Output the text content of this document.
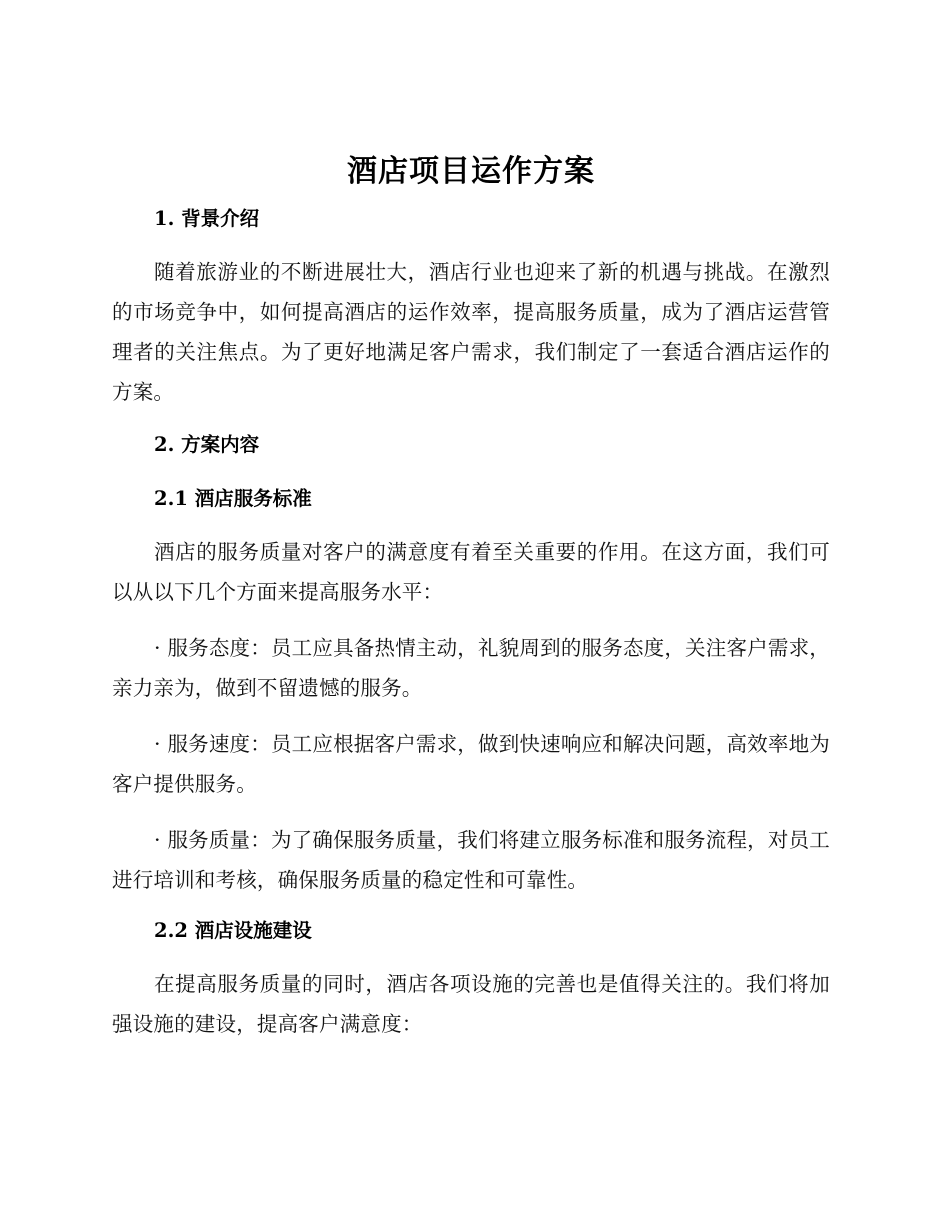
酒店项目运作方案
1. 背景介绍

随着旅游业的不断进展壮大，酒店行业也迎来了新的机遇与挑战。在激烈的市场竞争中，如何提高酒店的运作效率，提高服务质量，成为了酒店运营管理者的关注焦点。为了更好地满足客户需求，我们制定了一套适合酒店运作的方案。

2. 方案内容
2.1 酒店服务标准

酒店的服务质量对客户的满意度有着至关重要的作用。在这方面，我们可以从以下几个方面来提高服务水平：

· 服务态度：员工应具备热情主动，礼貌周到的服务态度，关注客户需求，亲力亲为，做到不留遗憾的服务。

· 服务速度：员工应根据客户需求，做到快速响应和解决问题，高效率地为客户提供服务。

· 服务质量：为了确保服务质量，我们将建立服务标准和服务流程，对员工进行培训和考核，确保服务质量的稳定性和可靠性。

2.2 酒店设施建设

在提高服务质量的同时，酒店各项设施的完善也是值得关注的。我们将加强设施的建设，提高客户满意度：
